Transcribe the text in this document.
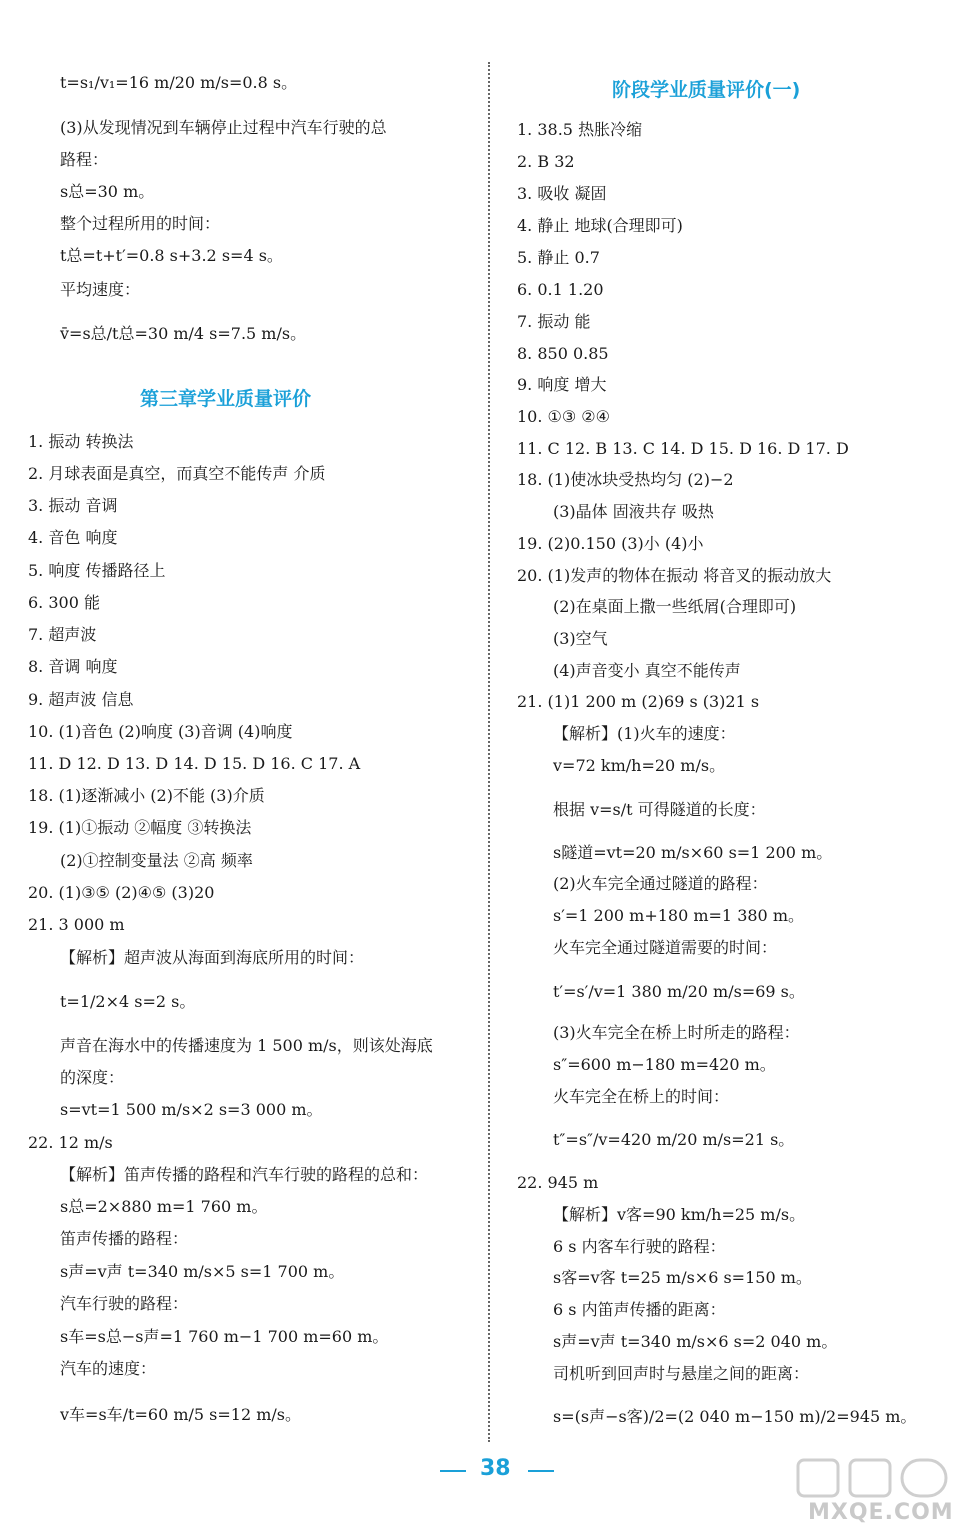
t=s₁/v₁=16 m/20 m/s=0.8 s。
(3)从发现情况到车辆停止过程中汽车行驶的总
路程：
s总=30 m。
整个过程所用的时间：
t总=t+t′=0.8 s+3.2 s=4 s。
平均速度：
v̄=s总/t总=30 m/4 s=7.5 m/s。
1. 振动 转换法
2. 月球表面是真空，而真空不能传声 介质
3. 振动 音调
4. 音色 响度
5. 响度 传播路径上
6. 300 能
7. 超声波
8. 音调 响度
9. 超声波 信息
10. (1)音色 (2)响度 (3)音调 (4)响度
11. D 12. D 13. D 14. D 15. D 16. C 17. A
18. (1)逐渐减小 (2)不能 (3)介质
19. (1)①振动 ②幅度 ③转换法
(2)①控制变量法 ②高 频率
20. (1)③⑤ (2)④⑤ (3)20
21. 3 000 m
【解析】超声波从海面到海底所用的时间：
t=1/2×4 s=2 s。
声音在海水中的传播速度为 1 500 m/s，则该处海底
的深度：
s=vt=1 500 m/s×2 s=3 000 m。
22. 12 m/s
【解析】笛声传播的路程和汽车行驶的路程的总和：
s总=2×880 m=1 760 m。
笛声传播的路程：
s声=v声 t=340 m/s×5 s=1 700 m。
汽车行驶的路程：
s车=s总−s声=1 760 m−1 700 m=60 m。
汽车的速度：
v车=s车/t=60 m/5 s=12 m/s。
1. 38.5 热胀冷缩
2. B 32
3. 吸收 凝固
4. 静止 地球(合理即可)
5. 静止 0.7
6. 0.1 1.20
7. 振动 能
8. 850 0.85
9. 响度 增大
10. ①③ ②④
11. C 12. B 13. C 14. D 15. D 16. D 17. D
18. (1)使冰块受热均匀 (2)−2
(3)晶体 固液共存 吸热
19. (2)0.150 (3)小 (4)小
20. (1)发声的物体在振动 将音叉的振动放大
(2)在桌面上撒一些纸屑(合理即可)
(3)空气
(4)声音变小 真空不能传声
21. (1)1 200 m (2)69 s (3)21 s
【解析】(1)火车的速度：
v=72 km/h=20 m/s。
根据 v=s/t 可得隧道的长度：
s隧道=vt=20 m/s×60 s=1 200 m。
(2)火车完全通过隧道的路程：
s′=1 200 m+180 m=1 380 m。
火车完全通过隧道需要的时间：
t′=s′/v=1 380 m/20 m/s=69 s。
(3)火车完全在桥上时所走的路程：
s″=600 m−180 m=420 m。
火车完全在桥上的时间：
t″=s″/v=420 m/20 m/s=21 s。
22. 945 m
【解析】v客=90 km/h=25 m/s。
6 s 内客车行驶的路程：
s客=v客 t=25 m/s×6 s=150 m。
6 s 内笛声传播的距离：
s声=v声 t=340 m/s×6 s=2 040 m。
司机听到回声时与悬崖之间的距离：
s=(s声−s客)/2=(2 040 m−150 m)/2=945 m。
第三章学业质量评价
阶段学业质量评价(一)
38
MXQE.COM
